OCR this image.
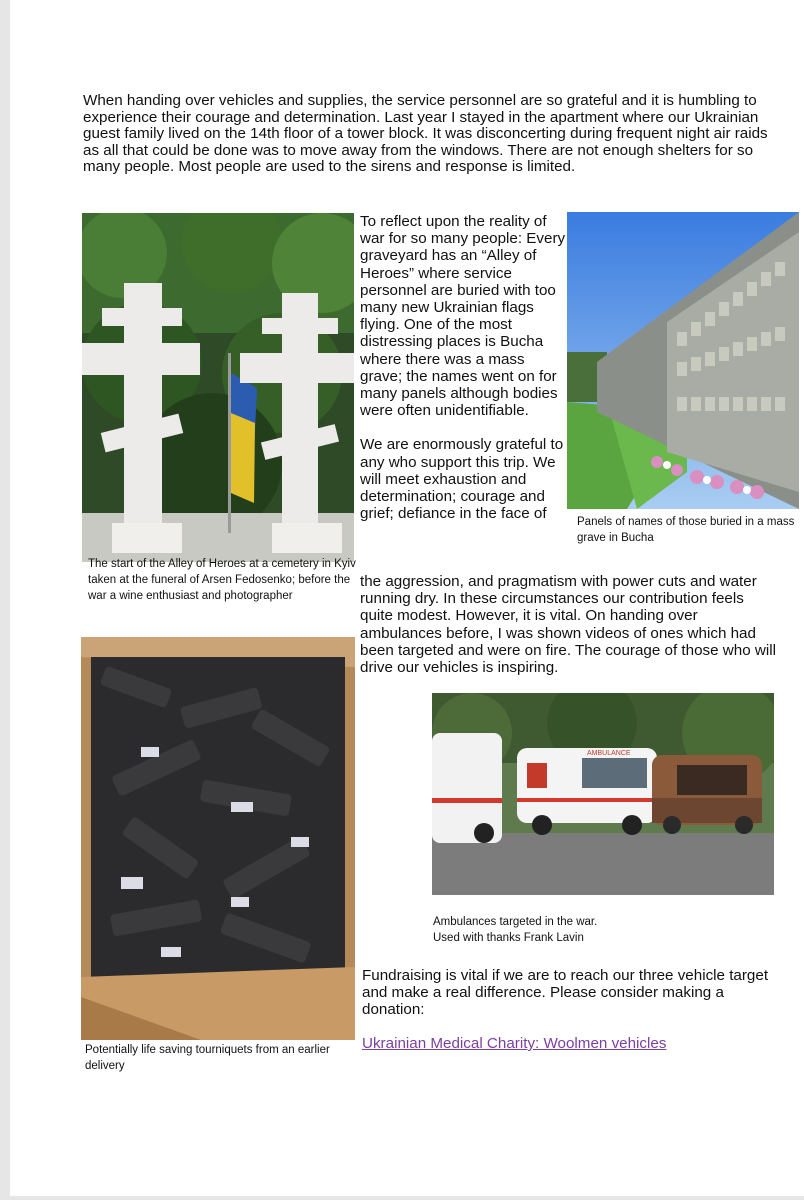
When handing over vehicles and supplies, the service personnel are so grateful and it is humbling to experience their courage and determination. Last year I stayed in the apartment where our Ukrainian guest family lived on the 14th floor of a tower block. It was disconcerting during frequent night air raids as all that could be done was to move away from the windows. There are not enough shelters for so many people. Most people are used to the sirens and response is limited.
The start of the Alley of Heroes at a cemetery in Kyiv taken at the funeral of Arsen Fedosenko; before the war a wine enthusiast and photographer

To reflect upon the reality of war for so many people: Every graveyard has an “Alley of Heroes” where service personnel are buried with too many new Ukrainian flags flying. One of the most distressing places is Bucha where there was a mass grave; the names went on for many panels although bodies were often unidentifiable.

We are enormously grateful to any who support this trip. We will meet exhaustion and determination; courage and grief; defiance in the face of	Panels of names of those buried in a mass grave in Bucha
the aggression, and pragmatism with power cuts and water running dry. In these circumstances our contribution feels quite modest. However, it is vital. On handing over ambulances before, I was shown videos of ones which had been targeted and were on fire. The courage of those who will drive our vehicles is inspiring.
Potentially life saving tourniquets from an earlier delivery
AMBULANCE
Ambulances targeted in the war.
Used with thanks Frank Lavin
Fundraising is vital if we are to reach our three vehicle target and make a real difference. Please consider making a donation:
Ukrainian Medical Charity: Woolmen vehicles
